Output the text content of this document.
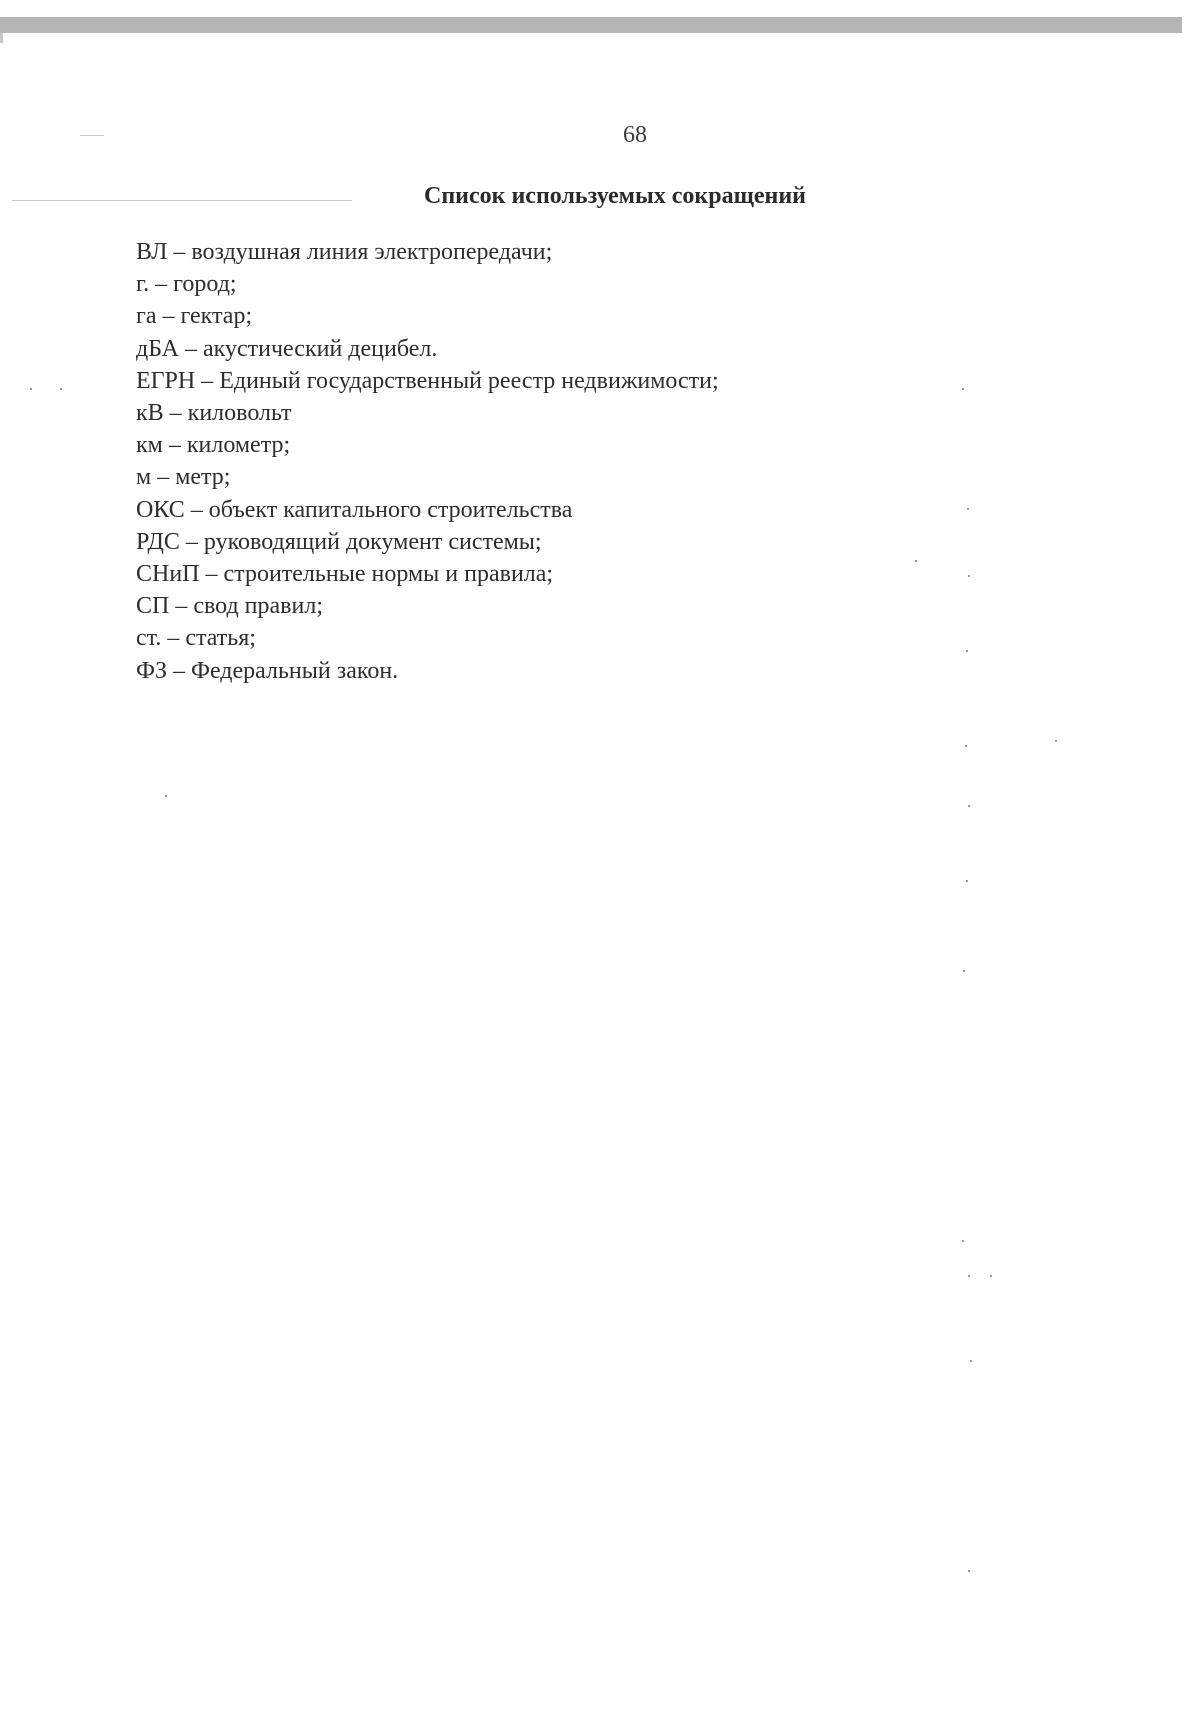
68
Список используемых сокращений
ВЛ – воздушная линия электропередачи;
г. – город;
га – гектар;
дБА – акустический децибел.
ЕГРН – Единый государственный реестр недвижимости;
кВ – киловольт
км – километр;
м – метр;
ОКС – объект капитального строительства
РДС – руководящий документ системы;
СНиП – строительные нормы и правила;
СП – свод правил;
ст. – статья;
ФЗ – Федеральный закон.
